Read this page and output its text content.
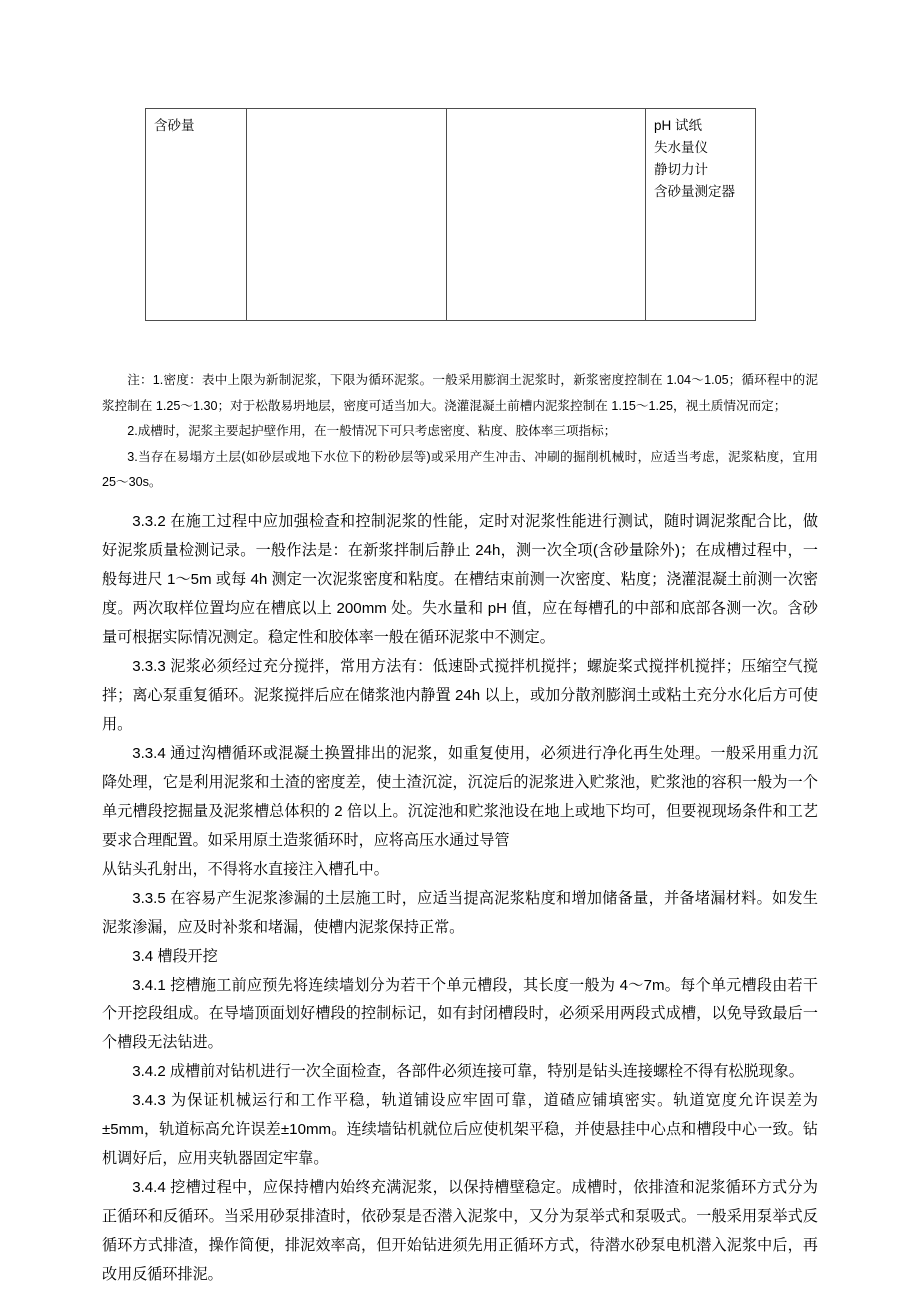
含砂量			pH 试纸
失水量仪
静切力计
含砂量测定器

注：1.密度：表中上限为新制泥浆，下限为循环泥浆。一般采用膨润土泥浆时，新浆密度控制在 1.04～1.05；循环程中的泥浆控制在 1.25～1.30；对于松散易坍地层，密度可适当加大。浇灌混凝土前槽内泥浆控制在 1.15～1.25，视土质情况而定；

2.成槽时，泥浆主要起护壁作用，在一般情况下可只考虑密度、粘度、胶体率三项指标；

3.当存在易塌方土层(如砂层或地下水位下的粉砂层等)或采用产生冲击、冲刷的掘削机械时，应适当考虑，泥浆粘度，宜用 25～30s。

3.3.2 在施工过程中应加强检查和控制泥浆的性能，定时对泥浆性能进行测试，随时调泥浆配合比，做好泥浆质量检测记录。一般作法是：在新浆拌制后静止 24h，测一次全项(含砂量除外)；在成槽过程中，一般每进尺 1～5m 或每 4h 测定一次泥浆密度和粘度。在槽结束前测一次密度、粘度；浇灌混凝土前测一次密度。两次取样位置均应在槽底以上 200mm 处。失水量和 pH 值，应在每槽孔的中部和底部各测一次。含砂量可根据实际情况测定。稳定性和胶体率一般在循环泥浆中不测定。

3.3.3 泥浆必须经过充分搅拌，常用方法有：低速卧式搅拌机搅拌；螺旋桨式搅拌机搅拌；压缩空气搅拌；离心泵重复循环。泥浆搅拌后应在储浆池内静置 24h 以上，或加分散剂膨润土或粘土充分水化后方可使用。

3.3.4 通过沟槽循环或混凝土换置排出的泥浆，如重复使用，必须进行净化再生处理。一般采用重力沉降处理，它是利用泥浆和土渣的密度差，使土渣沉淀，沉淀后的泥浆进入贮浆池，贮浆池的容积一般为一个单元槽段挖掘量及泥浆槽总体积的 2 倍以上。沉淀池和贮浆池设在地上或地下均可，但要视现场条件和工艺要求合理配置。如采用原土造浆循环时，应将高压水通过导管

从钻头孔射出，不得将水直接注入槽孔中。

3.3.5 在容易产生泥浆渗漏的土层施工时，应适当提高泥浆粘度和增加储备量，并备堵漏材料。如发生泥浆渗漏，应及时补浆和堵漏，使槽内泥浆保持正常。

3.4 槽段开挖

3.4.1 挖槽施工前应预先将连续墙划分为若干个单元槽段，其长度一般为 4～7m。每个单元槽段由若干个开挖段组成。在导墙顶面划好槽段的控制标记，如有封闭槽段时，必须采用两段式成槽，以免导致最后一个槽段无法钻进。

3.4.2 成槽前对钻机进行一次全面检查，各部件必须连接可靠，特别是钻头连接螺栓不得有松脱现象。

3.4.3 为保证机械运行和工作平稳，轨道铺设应牢固可靠，道碴应铺填密实。轨道宽度允许误差为±5mm，轨道标高允许误差±10mm。连续墙钻机就位后应使机架平稳，并使悬挂中心点和槽段中心一致。钻机调好后，应用夹轨器固定牢靠。

3.4.4 挖槽过程中，应保持槽内始终充满泥浆，以保持槽壁稳定。成槽时，依排渣和泥浆循环方式分为正循环和反循环。当采用砂泵排渣时，依砂泵是否潜入泥浆中，又分为泵举式和泵吸式。一般采用泵举式反循环方式排渣，操作简便，排泥效率高，但开始钻进须先用正循环方式，待潜水砂泵电机潜入泥浆中后，再改用反循环排泥。
